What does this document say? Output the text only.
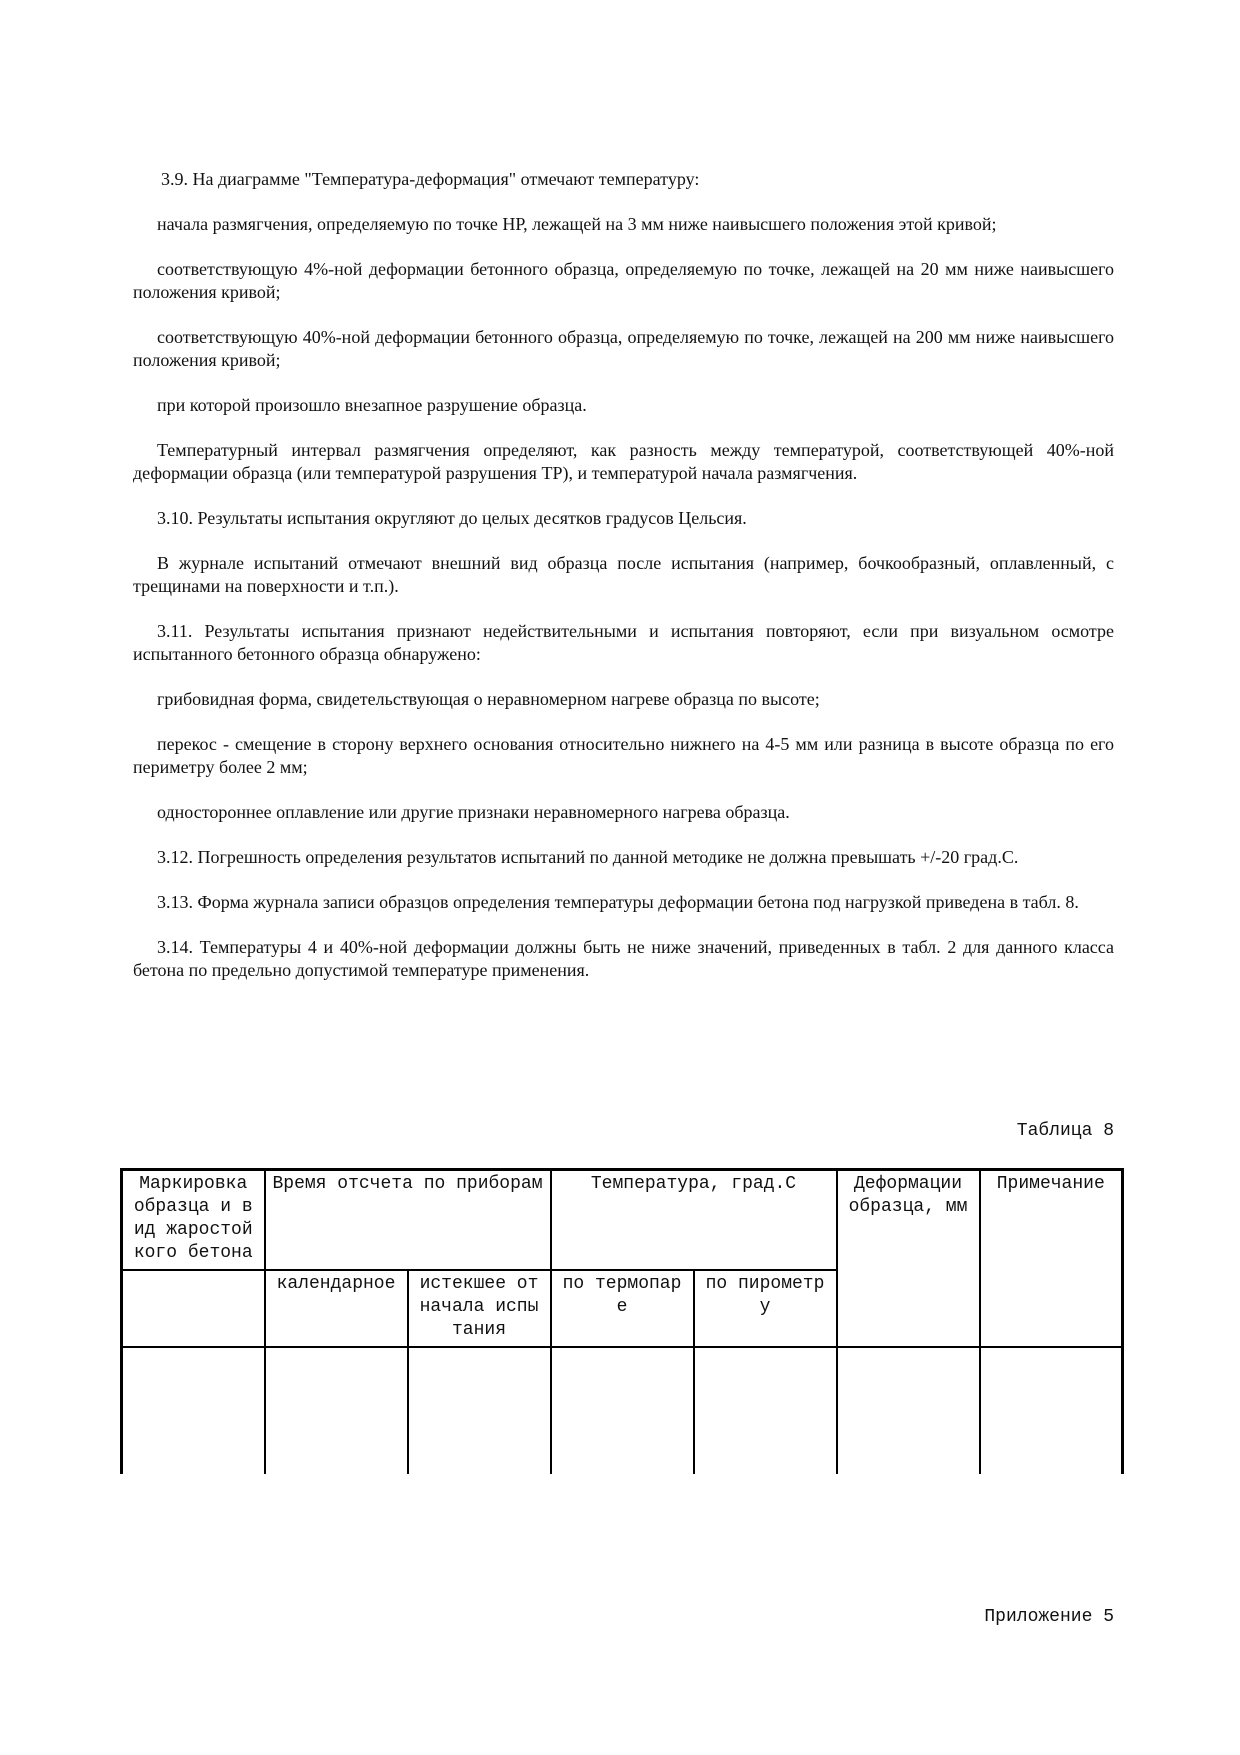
3.9. На диаграмме "Температура-деформация" отмечают температуру:

начала размягчения, определяемую по точке НР, лежащей на 3 мм ниже наивысшего положения этой кривой;

соответствующую 4%-ной деформации бетонного образца, определяемую по точке, лежащей на 20 мм ниже наивысшего положения кривой;

соответствующую 40%-ной деформации бетонного образца, определяемую по точке, лежащей на 200 мм ниже наивысшего положения кривой;

при которой произошло внезапное разрушение образца.

Температурный интервал размягчения определяют, как разность между температурой, соответствующей 40%-ной деформации образца (или температурой разрушения ТР), и температурой начала размягчения.

3.10. Результаты испытания округляют до целых десятков градусов Цельсия.

В журнале испытаний отмечают внешний вид образца после испытания (например, бочкообразный, оплавленный, с трещинами на поверхности и т.п.).

3.11. Результаты испытания признают недействительными и испытания повторяют, если при визуальном осмотре испытанного бетонного образца обнаружено:

грибовидная форма, свидетельствующая о неравномерном нагреве образца по высоте;

перекос - смещение в сторону верхнего основания относительно нижнего на 4-5 мм или разница в высоте образца по его периметру более 2 мм;

одностороннее оплавление или другие признаки неравномерного нагрева образца.

3.12. Погрешность определения результатов испытаний по данной методике не должна превышать +/-20 град.С.

3.13. Форма журнала записи образцов определения температуры деформации бетона под нагрузкой приведена в табл. 8.

3.14. Температуры 4 и 40%-ной деформации должны быть не ниже значений, приведенных в табл. 2 для данного класса бетона по предельно допустимой температуре применения.

Таблица 8
Маркировка образца и вид жаростойкого бетона	Время отсчета по приборам		Температура, град.С		Деформации образца, мм	Примечание
	календарное	истекшее от начала испы тания	по термопаре	по пирометру		

Приложение 5
